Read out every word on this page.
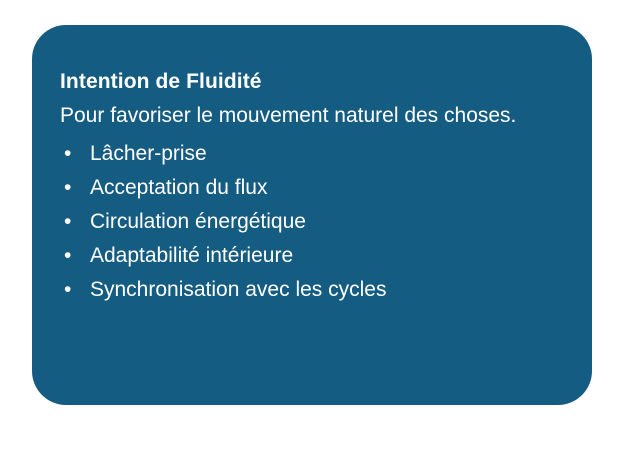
Intention de Fluidité

Pour favoriser le mouvement naturel des choses.

• Lâcher-prise
• Acceptation du flux
• Circulation énergétique
• Adaptabilité intérieure
• Synchronisation avec les cycles
